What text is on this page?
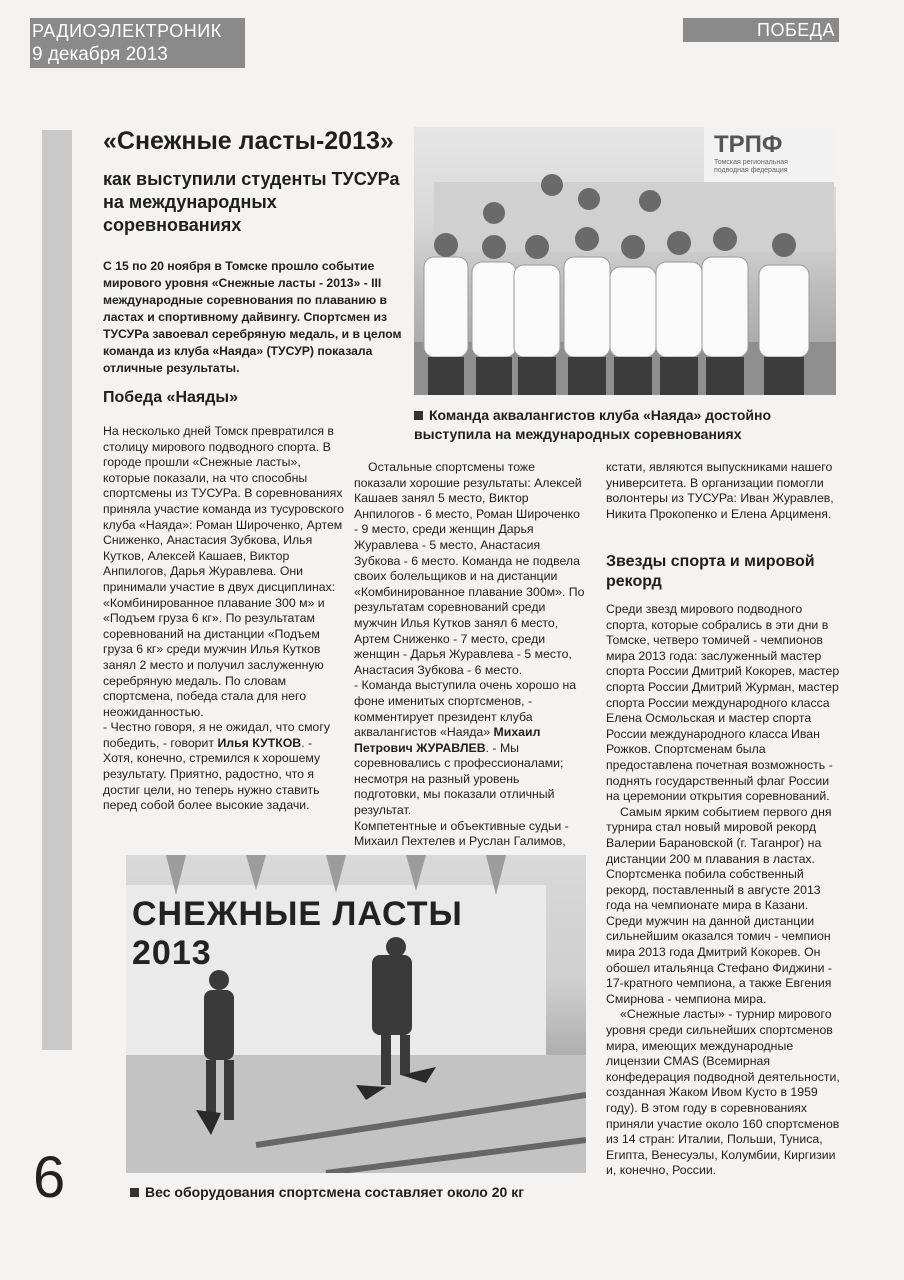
РАДИОЭЛЕКТРОНИК
9 декабря 2013
ПОБЕДА
«Снежные ласты-2013»
как выступили студенты ТУСУРа на международных соревнованиях
С 15 по 20 ноября в Томске прошло событие мирового уровня «Снежные ласты - 2013» - III международные соревнования по плаванию в ластах и спортивному дайвингу. Спортсмен из ТУСУРа завоевал серебряную медаль, и в целом команда из клуба «Наяда» (ТУСУР) показала отличные результаты.
ТРПФ
Томская региональная подводная федерация
Команда аквалангистов клуба «Наяда» достойно выступила на международных соревнованиях
Победа «Наяды»

На несколько дней Томск превратился в столицу мирового подводного спорта. В городе прошли «Снежные ласты», которые показали, на что способны спортсмены из ТУСУРа. В соревнованиях приняла участие команда из тусуровского клуба «Наяда»: Роман Широченко, Артем Сниженко, Анастасия Зубкова, Илья Кутков, Алексей Кашаев, Виктор Анпилогов, Дарья Журавлева. Они принимали участие в двух дисциплинах: «Комбинированное плавание 300 м» и «Подъем груза 6 кг». По результатам соревнований на дистанции «Подъем груза 6 кг» среди мужчин Илья Кутков занял 2 место и получил заслуженную серебряную медаль. По словам спортсмена, победа стала для него неожиданностью.

- Честно говоря, я не ожидал, что смогу победить, - говорит Илья КУТКОВ. - Хотя, конечно, стремился к хорошему результату. Приятно, радостно, что я достиг цели, но теперь нужно ставить перед собой более высокие задачи.

Остальные спортсмены тоже показали хорошие результаты: Алексей Кашаев занял 5 место, Виктор Анпилогов - 6 место, Роман Широченко - 9 место, среди женщин Дарья Журавлева - 5 место, Анастасия Зубкова - 6 место. Команда не подвела своих болельщиков и на дистанции «Комбинированное плавание 300м». По результатам соревнований среди мужчин Илья Кутков занял 6 место, Артем Сниженко - 7 место, среди женщин - Дарья Журавлева - 5 место, Анастасия Зубкова - 6 место.

- Команда выступила очень хорошо на фоне именитых спортсменов, - комментирует президент клуба аквалангистов «Наяда» Михаил Петрович ЖУРАВЛЕВ. - Мы соревновались с профессионалами; несмотря на разный уровень подготовки, мы показали отличный результат.

Компетентные и объективные судьи - Михаил Пехтелев и Руслан Галимов,

кстати, являются выпускниками нашего университета. В организации помогли волонтеры из ТУСУРа: Иван Журавлев, Никита Прокопенко и Елена Арцименя.

Звезды спорта и мировой рекорд

Среди звезд мирового подводного спорта, которые собрались в эти дни в Томске, четверо томичей - чемпионов мира 2013 года: заслуженный мастер спорта России Дмитрий Кокорев, мастер спорта России Дмитрий Журман, мастер спорта России международного класса Елена Осмольская и мастер спорта России международного класса Иван Рожков. Спортсменам была предоставлена почетная возможность - поднять государственный флаг России на церемонии открытия соревнований.

Самым ярким событием первого дня турнира стал новый мировой рекорд Валерии Барановской (г. Таганрог) на дистанции 200 м плавания в ластах. Спортсменка побила собственный рекорд, поставленный в августе 2013 года на чемпионате мира в Казани. Среди мужчин на данной дистанции сильнейшим оказался томич - чемпион мира 2013 года Дмитрий Кокорев. Он обошел итальянца Стефано Фиджини - 17-кратного чемпиона, а также Евгения Смирнова - чемпиона мира.

«Снежные ласты» - турнир мирового уровня среди сильнейших спортсменов мира, имеющих международные лицензии CMAS (Всемирная конфедерация подводной деятельности, созданная Жаком Ивом Кусто в 1959 году). В этом году в соревнованиях приняли участие около 160 спортсменов из 14 стран: Италии, Польши, Туниса, Египта, Венесуэлы, Колумбии, Киргизии и, конечно, России.

СНЕЖНЫЕ ЛАСТЫ 2013
Вес оборудования спортсмена составляет около 20 кг
6
